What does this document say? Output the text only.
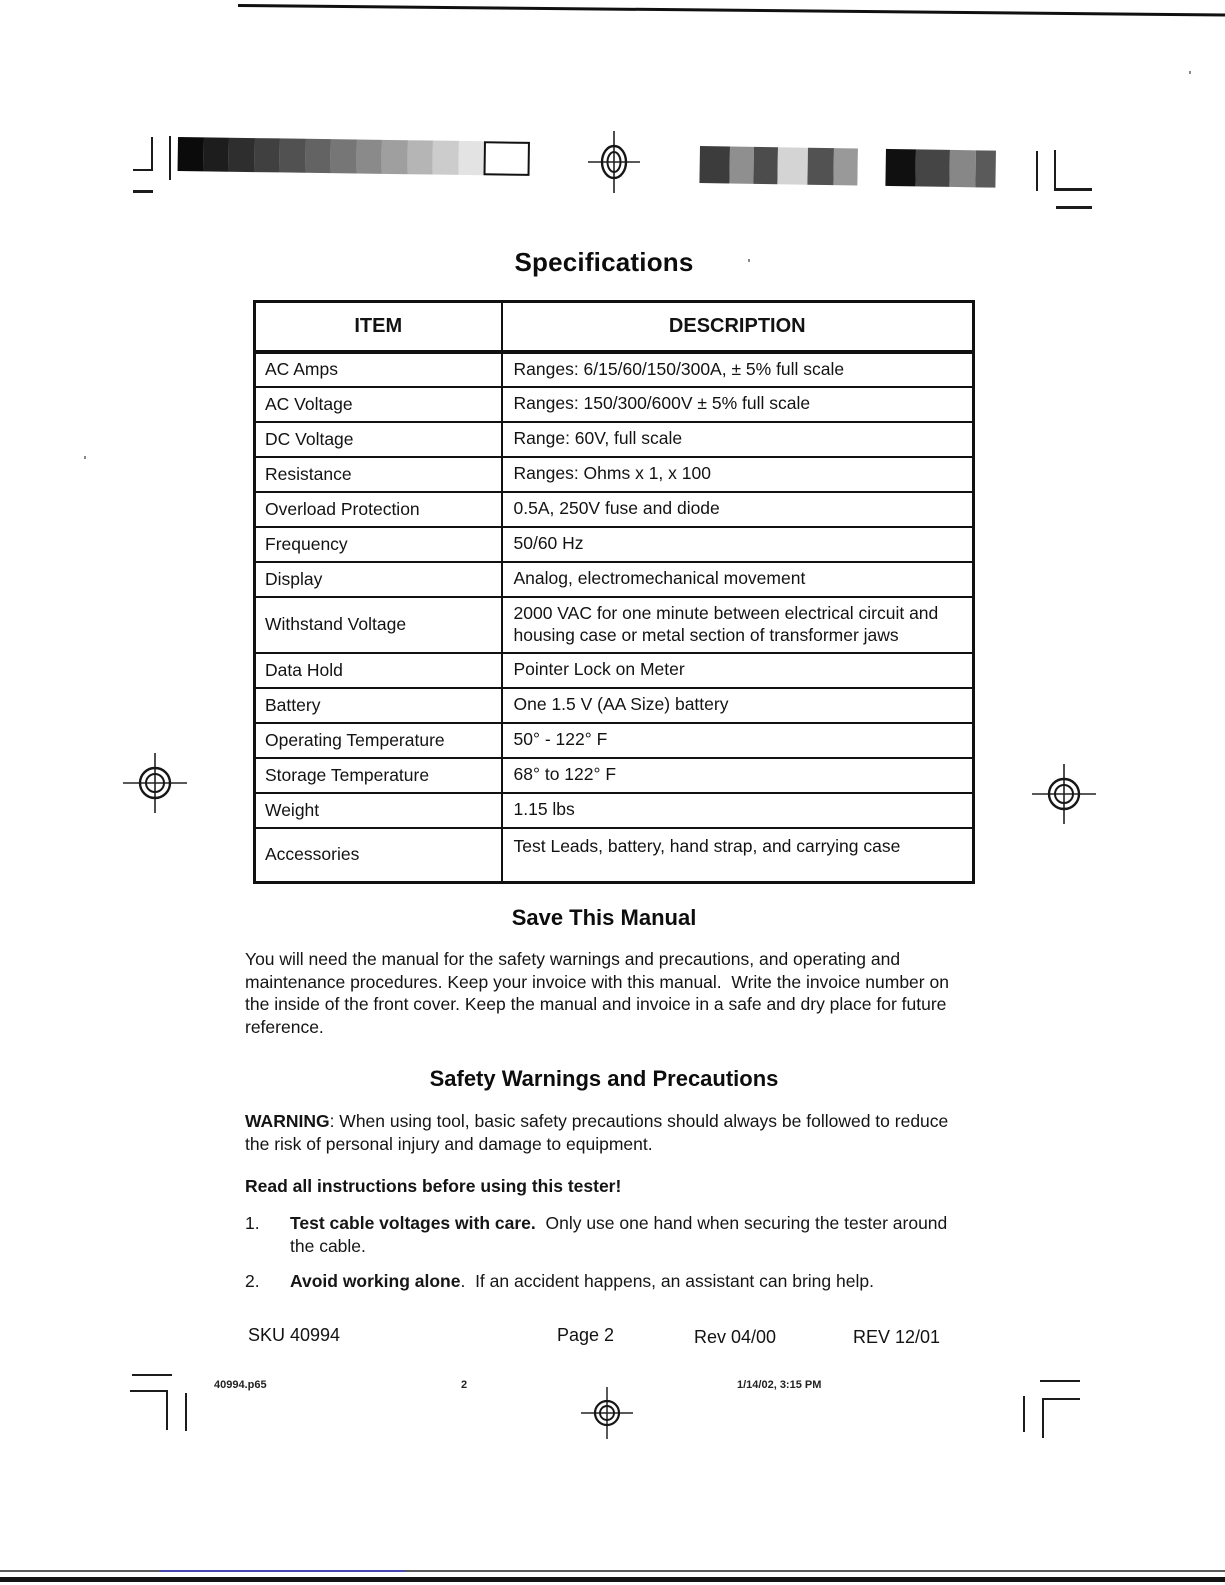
Specifications
ITEM	DESCRIPTION
AC Amps	Ranges: 6/15/60/150/300A, ± 5% full scale
AC Voltage	Ranges: 150/300/600V ± 5% full scale
DC Voltage	Range: 60V, full scale
Resistance	Ranges: Ohms x 1, x 100
Overload Protection	0.5A, 250V fuse and diode
Frequency	50/60 Hz
Display	Analog, electromechanical movement
Withstand Voltage	2000 VAC for one minute between electrical circuit and housing case or metal section of transformer jaws
Data Hold	Pointer Lock on Meter
Battery	One 1.5 V (AA Size) battery
Operating Temperature	50° - 122° F
Storage Temperature	68° to 122° F
Weight	1.15 lbs
Accessories	Test Leads, battery, hand strap, and carrying case
Save This Manual
You will need the manual for the safety warnings and precautions, and operating and maintenance procedures. Keep your invoice with this manual.  Write the invoice number on the inside of the front cover. Keep the manual and invoice in a safe and dry place for future reference.
Safety Warnings and Precautions
WARNING: When using tool, basic safety precautions should always be followed to reduce the risk of personal injury and damage to equipment.
Read all instructions before using this tester!
1. Test cable voltages with care.  Only use one hand when securing the tester around the cable.
2. Avoid working alone.  If an accident happens, an assistant can bring help.
SKU 40994	Page 2	Rev 04/00	REV 12/01
40994.p65	2	1/14/02, 3:15 PM
